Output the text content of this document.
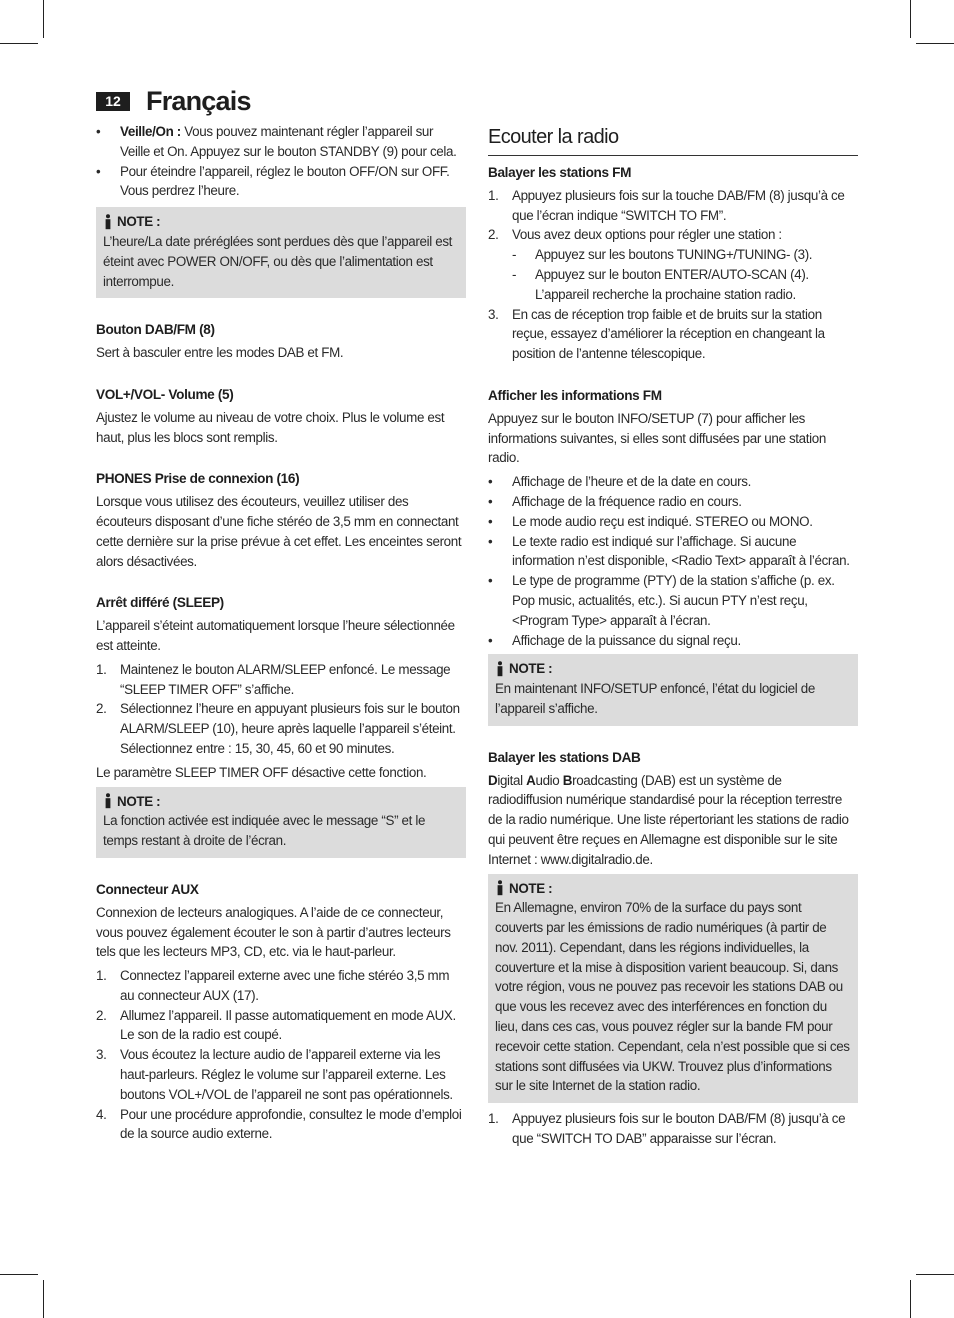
12 Français
• Veille/On : Vous pouvez maintenant régler l’appareil sur Veille et On. Appuyez sur le bouton STANDBY (9) pour cela.
• Pour éteindre l’appareil, réglez le bouton OFF/ON sur OFF. Vous perdrez l’heure.
NOTE :
L’heure/La date préréglées sont perdues dès que l’appareil est éteint avec POWER ON/OFF, ou dès que l’alimentation est interrompue.
Bouton DAB/FM (8)

Sert à basculer entre les modes DAB et FM.

VOL+/VOL- Volume (5)

Ajustez le volume au niveau de votre choix. Plus le volume est haut, plus les blocs sont remplis.

PHONES Prise de connexion (16)

Lorsque vous utilisez des écouteurs, veuillez utiliser des écouteurs disposant d’une fiche stéréo de 3,5 mm en connectant cette dernière sur la prise prévue à cet effet. Les enceintes seront alors désactivées.

Arrêt différé (SLEEP)

L’appareil s’éteint automatiquement lorsque l’heure sélectionnée est atteinte.

1. Maintenez le bouton ALARM/SLEEP enfoncé. Le message “SLEEP TIMER OFF” s’affiche.
2. Sélectionnez l’heure en appuyant plusieurs fois sur le bouton ALARM/SLEEP (10), heure après laquelle l’appareil s’éteint. Sélectionnez entre : 15, 30, 45, 60 et 90 minutes.

Le paramètre SLEEP TIMER OFF désactive cette fonction.

NOTE :
La fonction activée est indiquée avec le message “S” et le temps restant à droite de l’écran.
Connecteur AUX

Connexion de lecteurs analogiques. A l’aide de ce connecteur, vous pouvez également écouter le son à partir d’autres lecteurs tels que les lecteurs MP3, CD, etc. via le haut-parleur.

1. Connectez l’appareil externe avec une fiche stéréo 3,5 mm au connecteur AUX (17).
2. Allumez l’appareil. Il passe automatiquement en mode AUX. Le son de la radio est coupé.
3. Vous écoutez la lecture audio de l’appareil externe via les haut-parleurs. Réglez le volume sur l’appareil externe. Les boutons VOL+/VOL de l’appareil ne sont pas opérationnels.
4. Pour une procédure approfondie, consultez le mode d’emploi de la source audio externe.
Ecouter la radio
Balayer les stations FM
1. Appuyez plusieurs fois sur la touche DAB/FM (8) jusqu’à ce que l’écran indique “SWITCH TO FM”.
2. Vous avez deux options pour régler une station :
- Appuyez sur les boutons TUNING+/TUNING- (3).
- Appuyez sur le bouton ENTER/AUTO-SCAN (4). L’appareil recherche la prochaine station radio.
3. En cas de réception trop faible et de bruits sur la station reçue, essayez d’améliorer la réception en changeant la position de l’antenne télescopique.
Afficher les informations FM

Appuyez sur le bouton INFO/SETUP (7) pour afficher les informations suivantes, si elles sont diffusées par une station radio.

• Affichage de l’heure et de la date en cours.
• Affichage de la fréquence radio en cours.
• Le mode audio reçu est indiqué. STEREO ou MONO.
• Le texte radio est indiqué sur l’affichage. Si aucune information n’est disponible, <Radio Text> apparaît à l’écran.
• Le type de programme (PTY) de la station s’affiche (p. ex. Pop music, actualités, etc.). Si aucun PTY n’est reçu, <Program Type> apparaît à l’écran.
• Affichage de la puissance du signal reçu.
NOTE :
En maintenant INFO/SETUP enfoncé, l’état du logiciel de l’appareil s’affiche.
Balayer les stations DAB

Digital Audio Broadcasting (DAB) est un système de radiodiffusion numérique standardisé pour la réception terrestre de la radio numérique. Une liste répertoriant les stations de radio qui peuvent être reçues en Allemagne est disponible sur le site Internet : www.digitalradio.de.

NOTE :
En Allemagne, environ 70% de la surface du pays sont couverts par les émissions de radio numériques (à partir de nov. 2011). Cependant, dans les régions individuelles, la couverture et la mise à disposition varient beaucoup. Si, dans votre région, vous ne pouvez pas recevoir les stations DAB ou que vous les recevez avec des interférences en fonction du lieu, dans ces cas, vous pouvez régler sur la bande FM pour recevoir cette station. Cependant, cela n’est possible que si ces stations sont diffusées via UKW. Trouvez plus d’informations sur le site Internet de la station radio.
1. Appuyez plusieurs fois sur le bouton DAB/FM (8) jusqu’à ce que “SWITCH TO DAB” apparaisse sur l’écran.
